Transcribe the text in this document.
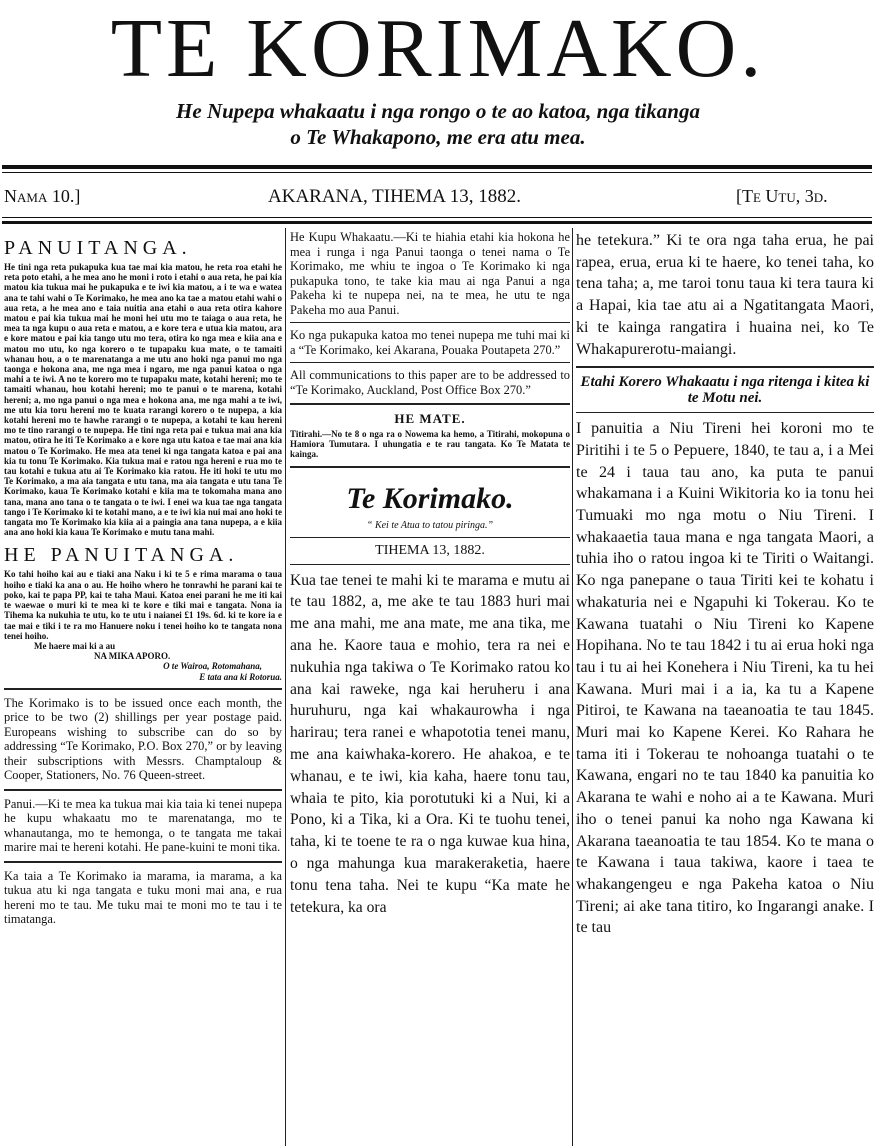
TE KORIMAKO.
He Nupepa whakaatu i nga rongo o te ao katoa, nga tikanga
o Te Whakapono, me era atu mea.
Nama 10.]	AKARANA, TIHEMA 13, 1882.	[Te Utu, 3d.
PANUITANGA.

He tini nga reta pukapuka kua tae mai kia matou, he reta roa etahi he reta poto etahi, a he mea ano he moni i roto i etahi o aua reta, he pai kia matou kia tukua mai he pukapuka e te iwi kia matou, a i te wa e watea ana te tahi wahi o Te Korimako, he mea ano ka tae a matou etahi wahi o aua reta, a he mea ano e taia nuitia ana etahi o aua reta otira kahore matou e pai kia tukua mai he moni hei utu mo te taiaga o aua reta, he mea ta nga kupu o aua reta e matou, a e kore tera e utua kia matou, ara e kore matou e pai kia tango utu mo tera, otira ko nga mea e kiia ana e matou mo utu, ko nga korero o te tupapaku kua mate, o te tamaiti whanau hou, a o te marenatanga a me utu ano hoki nga panui mo nga taonga e hokona ana, me nga mea i ngaro, me nga panui katoa o nga mahi a te iwi. A no te korero mo te tupapaku mate, kotahi hereni; mo te tamaiti whanau, hou kotahi hereni; mo te panui o te marena, kotahi hereni; a, mo nga panui o nga mea e hokona ana, me nga mahi a te iwi, me utu kia toru hereni mo te kuata rarangi korero o te nupepa, a kia kotahi hereni mo te hawhe rarangi o te nupepa, a kotahi te kau hereni mo te tino rarangi o te nupepa. He tini nga reta pai e tukua mai ana kia matou, otira he iti Te Korimako a e kore nga utu katoa e tae mai ana kia matou o Te Korimako. He mea ata tenei ki nga tangata katoa e pai ana kia tu tonu Te Korimako. Kia tukua mai e ratou nga hereni e rua mo te tau kotahi e tukua atu ai Te Korimako kia ratou. He iti hoki te utu mo Te Korimako, a ma aia tangata e utu tana, ma aia tangata e utu tana Te Korimako, kaua Te Korimako kotahi e kiia ma te tokomaha mana ano tana, mana ano tana o te tangata o te iwi. I enei wa kua tae nga tangata tango i Te Korimako ki te kotahi mano, a e te iwi kia nui mai ano hoki te tangata mo Te Korimako kia kiia ai a paingia ana tana nupepa, a e kiia ana ano hoki kia kaua Te Korimako e mutu tana mahi.

HE PANUITANGA.

Ko tahi hoiho kai au e tiaki ana Naku i ki te 5 e rima marama o taua hoiho e tiaki ka ana o au. He hoiho whero he tonrawhi he parani kai te poko, kai te papa PP, kai te taha Maui. Katoa enei parani he me iti kai te waewae o muri ki te mea ki te kore e tiki mai e tangata. Nona ia Tihema ka nukuhia te utu, ko te utu i naianei £1 19s. 6d. ki te kore ia e tae mai e tiki i te ra mo Hanuere noku i tenei hoiho ko te tangata nona tenei hoiho.

Me haere mai ki a au

NA MIKA APORO.

O te Wairoa, Rotomahana,

E tata ana ki Rotorua.

The Korimako is to be issued once each month, the price to be two (2) shillings per year postage paid. Europeans wishing to subscribe can do so by addressing “Te Korimako, P.O. Box 270,” or by leaving their subscriptions with Messrs. Champtaloup & Cooper, Stationers, No. 76 Queen-street.

Panui.—Ki te mea ka tukua mai kia taia ki tenei nupepa he kupu whakaatu mo te marenatanga, mo te whanautanga, mo te hemonga, o te tangata me takai marire mai te hereni kotahi. He pane-kuini te moni tika.

Ka taia a Te Korimako ia marama, ia marama, a ka tukua atu ki nga tangata e tuku moni mai ana, e rua hereni mo te tau. Me tuku mai te moni mo te tau i te timatanga.

He Kupu Whakaatu.—Ki te hiahia etahi kia hokona he mea i runga i nga Panui taonga o tenei nama o Te Korimako, me whiu te ingoa o Te Korimako ki nga pukapuka tono, te take kia mau ai nga Panui a nga Pakeha ki te nupepa nei, na te mea, he utu te nga Pakeha mo aua Panui.

Ko nga pukapuka katoa mo tenei nupepa me tuhi mai ki a “Te Korimako, kei Akarana, Pouaka Poutapeta 270.”

All communications to this paper are to be addressed to “Te Korimako, Auckland, Post Office Box 270.”

HE MATE.

Titirahi.—No te 8 o nga ra o Nowema ka hemo, a Titirahi, mokopuna o Hamiora Tumutara. I uhungatia e te rau tangata. Ko Te Matata te kainga.

Te Korimako.
“ Kei te Atua to tatou piringa.”
TIHEMA 13, 1882.

Kua tae tenei te mahi ki te marama e mutu ai te tau 1882, a, me ake te tau 1883 huri mai me ana mahi, me ana mate, me ana tika, me ana he. Kaore taua e mohio, tera ra nei e nukuhia nga takiwa o Te Korimako ratou ko ana kai raweke, nga kai heruheru i ana huruhuru, nga kai whakaurowha i nga harirau; tera ranei e whapototia tenei manu, me ana kaiwhaka-korero. He ahakoa, e te whanau, e te iwi, kia kaha, haere tonu tau, whaia te pito, kia porotutuki ki a Nui, ki a Pono, ki a Tika, ki a Ora. Ki te tuohu tenei, taha, ki te toene te ra o nga kuwae kua hina, o nga mahunga kua marakeraketia, haere tonu tena taha. Nei te kupu “Ka mate he tetekura, ka ora

he tetekura.” Ki te ora nga taha erua, he pai rapea, erua, erua ki te haere, ko tenei taha, ko tena taha; a, me taroi tonu taua ki tera taura ki a Hapai, kia tae atu ai a Ngatitangata Maori, ki te kainga rangatira i huaina nei, ko Te Whakapurerotu-maiangi.

Etahi Korero Whakaatu i nga ritenga i kitea ki te Motu nei.

I panuitia a Niu Tireni hei koroni mo te Piritihi i te 5 o Pepuere, 1840, te tau a, i a Mei te 24 i taua tau ano, ka puta te panui whakamana i a Kuini Wikitoria ko ia tonu hei Tumuaki mo nga motu o Niu Tireni. I whakaaetia taua mana e nga tangata Maori, a tuhia iho o ratou ingoa ki te Tiriti o Waitangi. Ko nga panepane o taua Tiriti kei te kohatu i whakaturia nei e Ngapuhi ki Tokerau. Ko te Kawana tuatahi o Niu Tireni ko Kapene Hopihana. No te tau 1842 i tu ai erua hoki nga tau i tu ai hei Konehera i Niu Tireni, ka tu hei Kawana. Muri mai i a ia, ka tu a Kapene Pitiroi, te Kawana na taeanoatia te tau 1845. Muri mai ko Kapene Kerei. Ko Rahara he tama iti i Tokerau te nohoanga tuatahi o te Kawana, engari no te tau 1840 ka panuitia ko Akarana te wahi e noho ai a te Kawana. Muri iho o tenei panui ka noho nga Kawana ki Akarana taeanoatia te tau 1854. Ko te mana o te Kawana i taua takiwa, kaore i taea te whakangengeu e nga Pakeha katoa o Niu Tireni; ai ake tana titiro, ko Ingarangi anake. I te tau
